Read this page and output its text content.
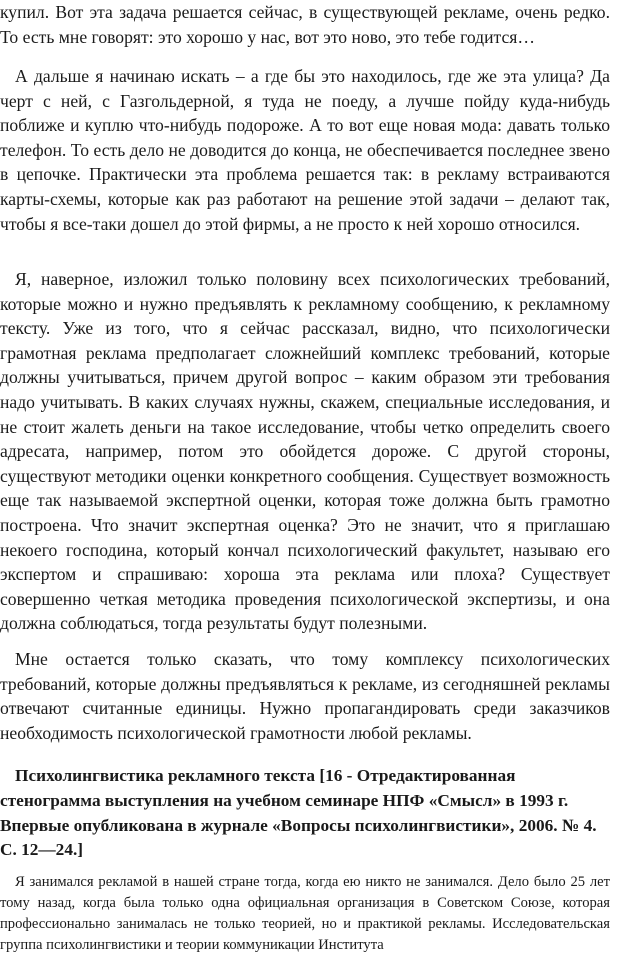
купил. Вот эта задача решается сейчас, в существующей рекламе, очень редко. То есть мне говорят: это хорошо у нас, вот это ново, это тебе годится…

А дальше я начинаю искать – а где бы это находилось, где же эта улица? Да черт с ней, с Газгольдерной, я туда не поеду, а лучше пойду куда-нибудь поближе и куплю что-нибудь подороже. А то вот еще новая мода: давать только телефон. То есть дело не доводится до конца, не обеспечивается последнее звено в цепочке. Практически эта проблема решается так: в рекламу встраиваются карты-схемы, которые как раз работают на решение этой задачи – делают так, чтобы я все-таки дошел до этой фирмы, а не просто к ней хорошо относился.

Я, наверное, изложил только половину всех психологических требований, которые можно и нужно предъявлять к рекламному сообщению, к рекламному тексту. Уже из того, что я сейчас рассказал, видно, что психологически грамотная реклама предполагает сложнейший комплекс требований, которые должны учитываться, причем другой вопрос – каким образом эти требования надо учитывать. В каких случаях нужны, скажем, специальные исследования, и не стоит жалеть деньги на такое исследование, чтобы четко определить своего адресата, например, потом это обойдется дороже. С другой стороны, существуют методики оценки конкретного сообщения. Существует возможность еще так называемой экспертной оценки, которая тоже должна быть грамотно построена. Что значит экспертная оценка? Это не значит, что я приглашаю некоего господина, который кончал психологический факультет, называю его экспертом и спрашиваю: хороша эта реклама или плоха? Существует совершенно четкая методика проведения психологической экспертизы, и она должна соблюдаться, тогда результаты будут полезными.

Мне остается только сказать, что тому комплексу психологических требований, которые должны предъявляться к рекламе, из сегодняшней рекламы отвечают считанные единицы. Нужно пропагандировать среди заказчиков необходимость психологической грамотности любой рекламы.

Психолингвистика рекламного текста [16 - Отредактированная стенограмма выступления на учебном семинаре НПФ «Смысл» в 1993 г. Впервые опубликована в журнале «Вопросы психолингвистики», 2006. № 4. С. 12—24.]

Я занимался рекламой в нашей стране тогда, когда ею никто не занимался. Дело было 25 лет тому назад, когда была только одна официальная организация в Советском Союзе, которая профессионально занималась не только теорией, но и практикой рекламы. Исследовательская группа психолингвистики и теории коммуникации Института
